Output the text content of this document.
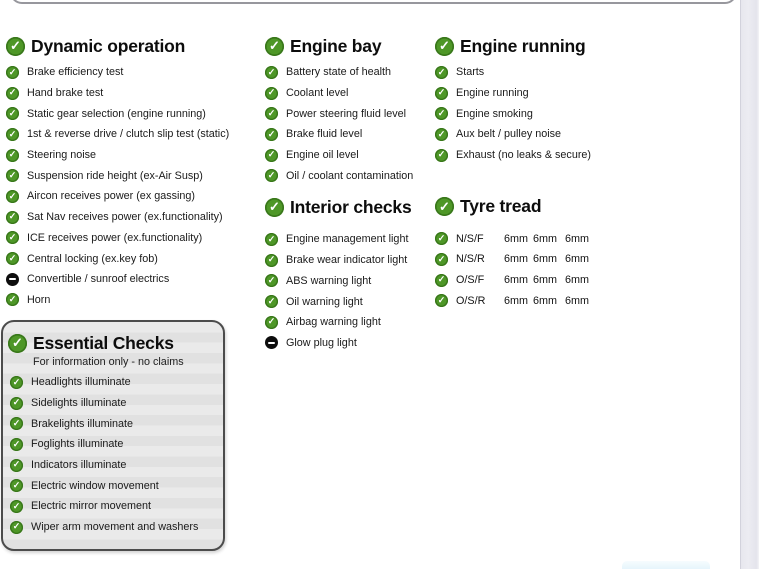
✓
Dynamic operation
✓
Brake efficiency test
✓
Hand brake test
✓
Static gear selection (engine running)
✓
1st & reverse drive / clutch slip test (static)
✓
Steering noise
✓
Suspension ride height (ex-Air Susp)
✓
Aircon receives power (ex gassing)
✓
Sat Nav receives power (ex.functionality)
✓
ICE receives power (ex.functionality)
✓
Central locking (ex.key fob)
Convertible / sunroof electrics
✓
Horn
✓
Engine bay
✓
Battery state of health
✓
Coolant level
✓
Power steering fluid level
✓
Brake fluid level
✓
Engine oil level
✓
Oil / coolant contamination
✓
Interior checks
✓
Engine management light
✓
Brake wear indicator light
✓
ABS warning light
✓
Oil warning light
✓
Airbag warning light
Glow plug light
✓
Engine running
✓
Starts
✓
Engine running
✓
Engine smoking
✓
Aux belt / pulley noise
✓
Exhaust (no leaks & secure)
✓
Tyre tread
✓
N/S/F	6mm 6mm 6mm
✓
N/S/R	6mm 6mm 6mm
✓
O/S/F	6mm 6mm 6mm
✓
O/S/R	6mm 6mm 6mm
✓
Essential Checks
For information only - no claims
✓
Headlights illuminate
✓
Sidelights illuminate
✓
Brakelights illuminate
✓
Foglights illuminate
✓
Indicators illuminate
✓
Electric window movement
✓
Electric mirror movement
✓
Wiper arm movement and washers
